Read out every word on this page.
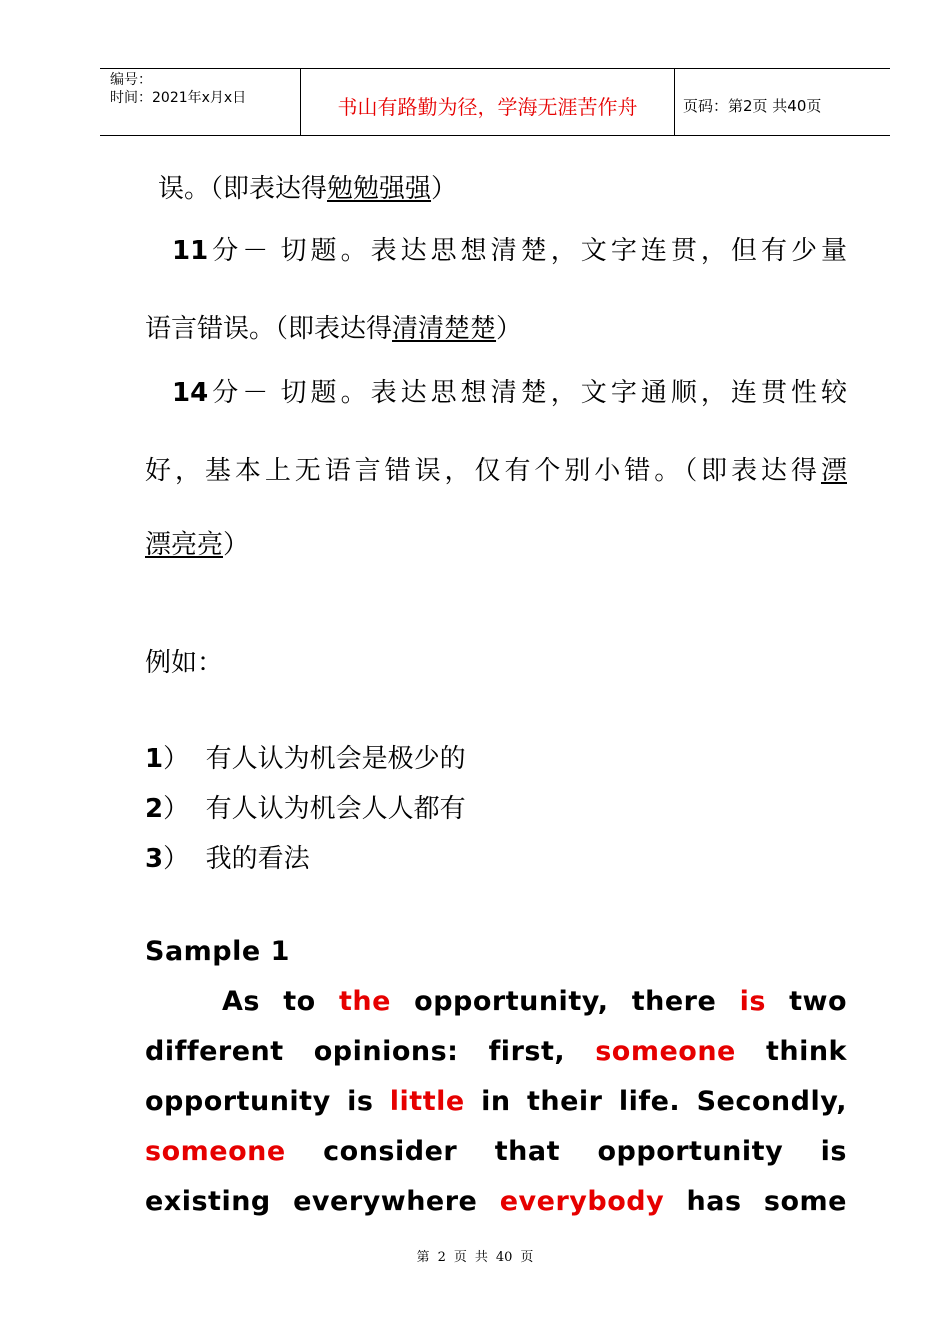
编号：
时间：2021年x月x日	书山有路勤为径，学海无涯苦作舟	页码：第2页 共40页
误。（即表达得勉勉强强）
11分－ 切题。表达思想清楚，文字连贯，但有少量
语言错误。（即表达得清清楚楚）
14分－ 切题。表达思想清楚，文字通顺，连贯性较
好，基本上无语言错误，仅有个别小错。（即表达得漂
漂亮亮）
例如：
1） 有人认为机会是极少的
2） 有人认为机会人人都有
3） 我的看法
Sample 1
As to the opportunity, there is two
different opinions: first, someone think
opportunity is little in their life. Secondly,
someone consider that opportunity is
existing everywhere everybody has some
第 2 页 共 40 页
